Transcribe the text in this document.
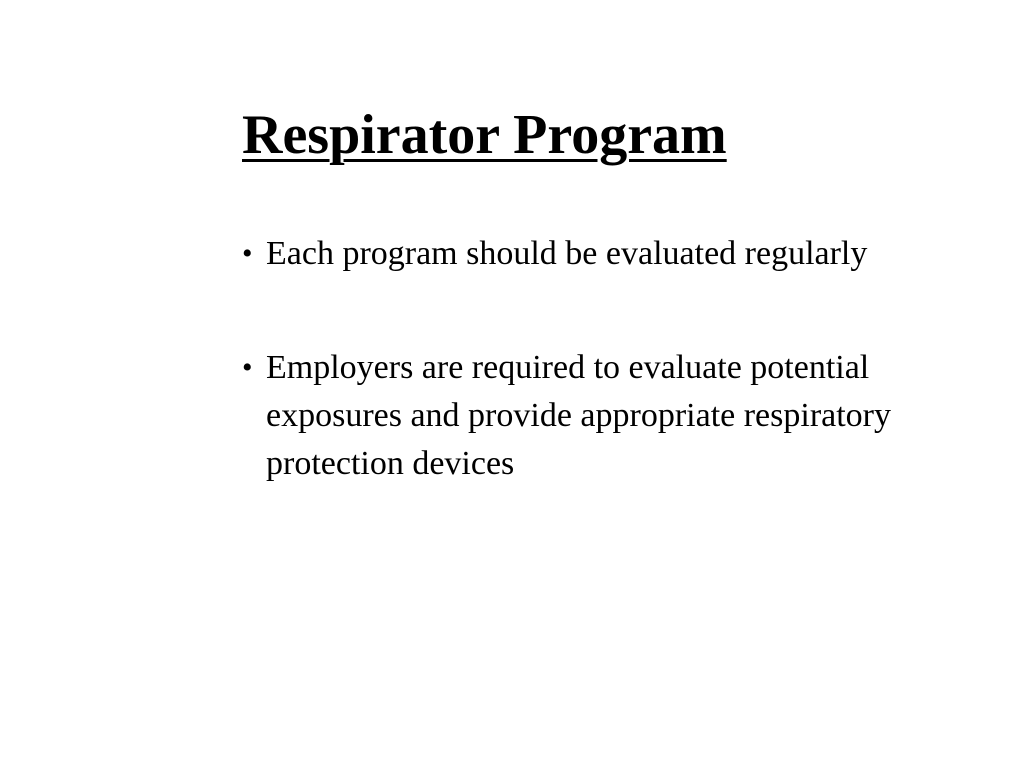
Respirator Program
• Each program should be evaluated regularly
• Employers are required to evaluate potential exposures and provide appropriate respiratory protection devices
